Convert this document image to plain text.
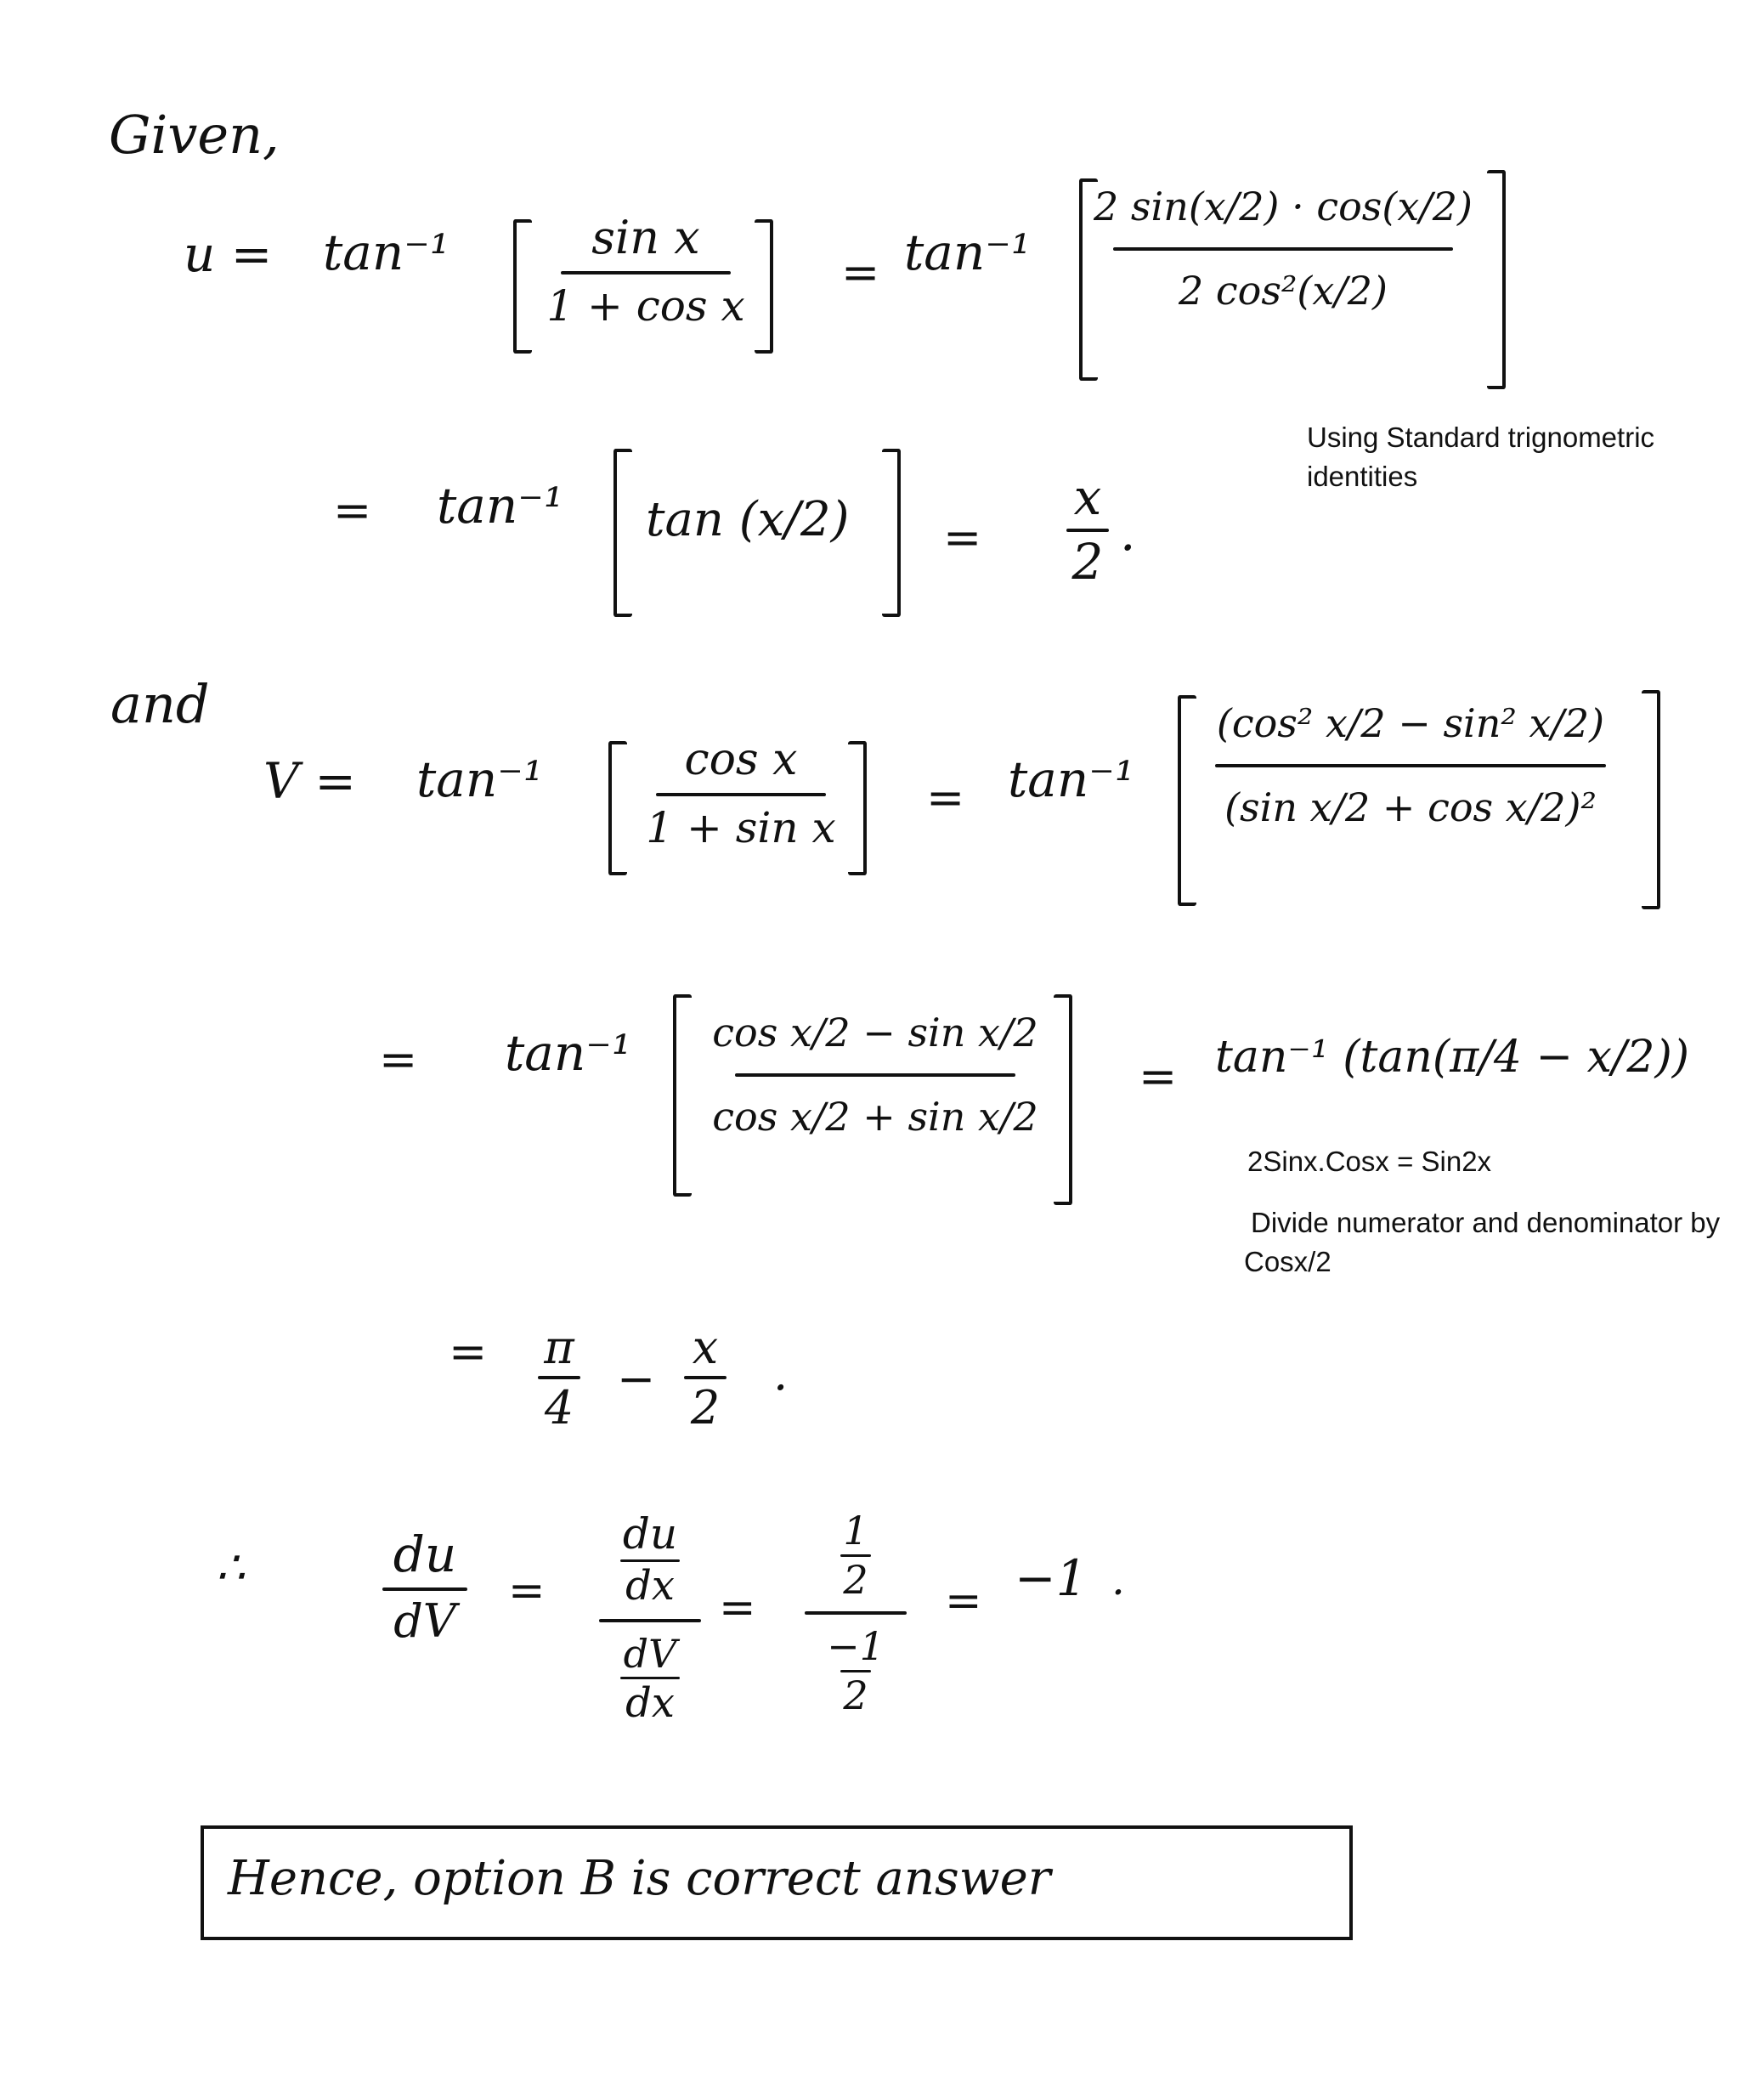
Given,
u = tan⁻¹	sin x
1 + cos x
= tan⁻¹
2 sin(x/2) · cos(x/2)
2 cos²(x/2)
= tan⁻¹ tan (x/2) =
x
2 .
Using Standard trignometric identities
and
V = tan⁻¹	cos x
1 + sin x
= tan⁻¹
(cos² x/2 − sin² x/2)
(sin x/2 + cos x/2)²
= tan⁻¹ cos x/2 − sin x/2
cos x/2 + sin x/2
= tan⁻¹ (tan(π/4 − x/2))
2Sinx.Cosx = Sin2x
Divide numerator and denominator by Cosx/2
= π
4
−
x
2
.
∴	du
dV
= $\frac{du}{dx}$
$\frac{dV}{dx}$
=
$\frac{1}{2}$
$\frac{-1}{2}$
= −1 .
Hence, option B is correct answer
